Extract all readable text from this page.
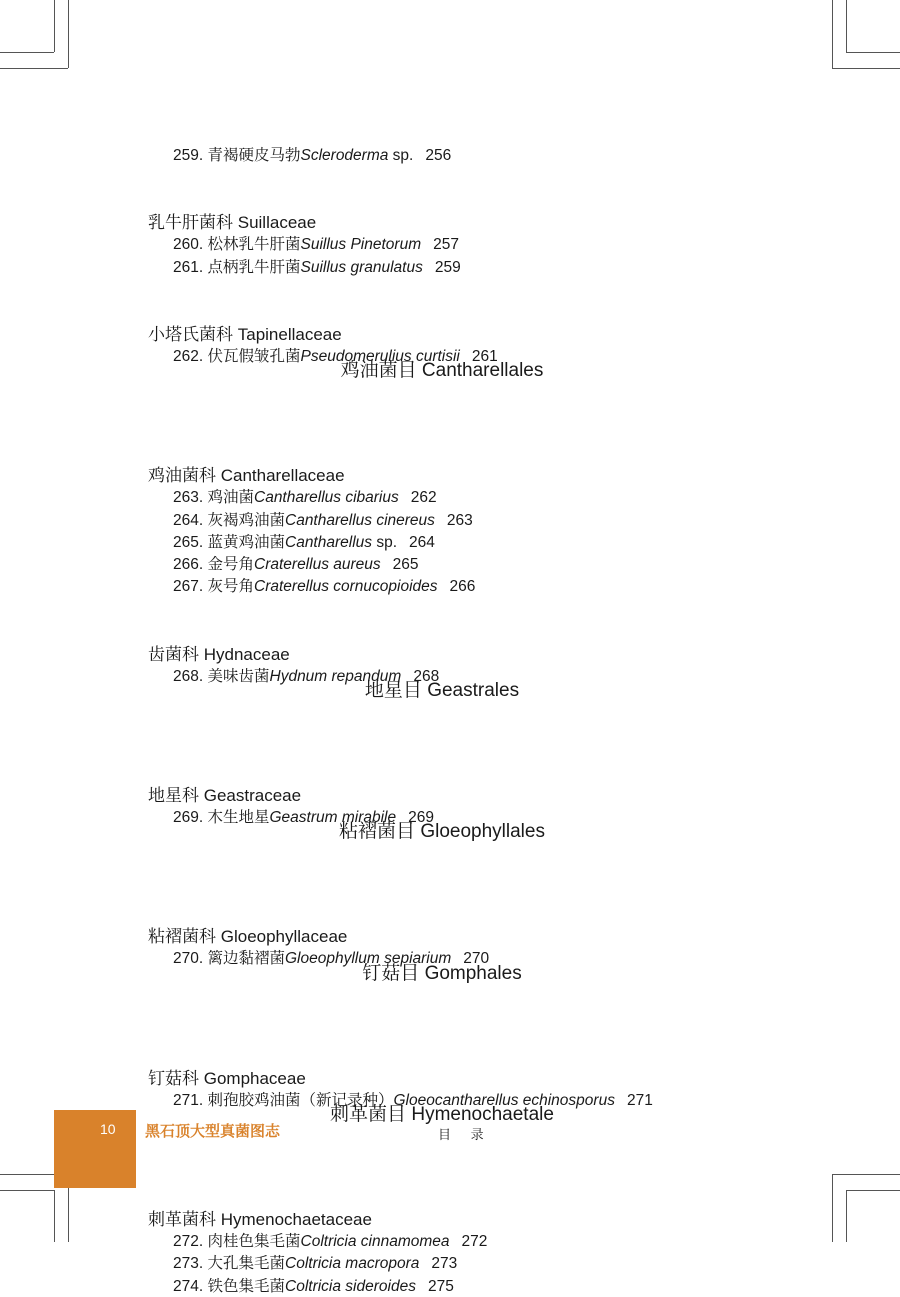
259. 青褐硬皮马勃Scleroderma sp. 256
乳牛肝菌科 Suillaceae
260. 松林乳牛肝菌Suillus Pinetorum 257
261. 点柄乳牛肝菌Suillus granulatus 259
小塔氏菌科 Tapinellaceae
262. 伏瓦假皱孔菌Pseudomerulius curtisii 261
鸡油菌目 Cantharellales
鸡油菌科 Cantharellaceae
263. 鸡油菌Cantharellus cibarius 262
264. 灰褐鸡油菌Cantharellus cinereus 263
265. 蓝黄鸡油菌Cantharellus sp. 264
266. 金号角Craterellus aureus 265
267. 灰号角Craterellus cornucopioides 266
齿菌科 Hydnaceae
268. 美味齿菌Hydnum repandum 268
地星目 Geastrales
地星科 Geastraceae
269. 木生地星Geastrum mirabile 269
粘褶菌目 Gloeophyllales
粘褶菌科 Gloeophyllaceae
270. 篱边黏褶菌Gloeophyllum sepiarium 270
钉菇目 Gomphales
钉菇科 Gomphaceae
271. 刺孢胶鸡油菌（新记录种）Gloeocantharellus echinosporus 271
刺革菌目 Hymenochaetale
刺革菌科 Hymenochaetaceae
272. 肉桂色集毛菌Coltricia cinnamomea 272
273. 大孔集毛菌Coltricia macropora 273
274. 铁色集毛菌Coltricia sideroides 275
10 黑石顶大型真菌图志	目 录
